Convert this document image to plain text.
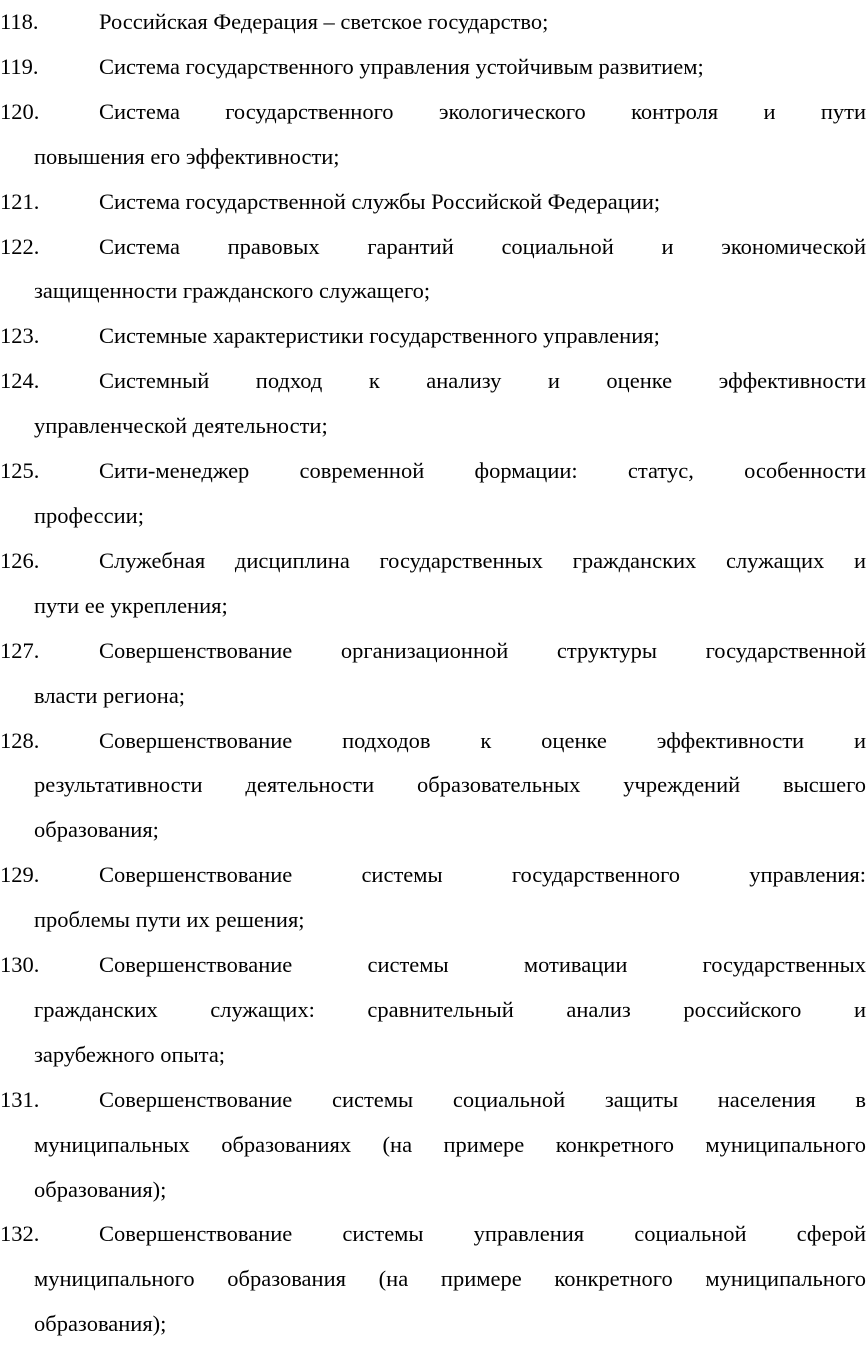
118.	Российская Федерация – светское государство;
119.	Система государственного управления устойчивым развитием;
120.	Система государственного экологического контроля и пути
повышения его эффективности;
121.	Система государственной службы Российской Федерации;
122.	Система правовых гарантий социальной и экономической
защищенности гражданского служащего;
123.	Системные характеристики государственного управления;
124.	Системный подход к анализу и оценке эффективности
управленческой деятельности;
125.	Сити-менеджер современной формации: статус, особенности
профессии;
126.	Служебная дисциплина государственных гражданских служащих и
пути ее укрепления;
127.	Совершенствование организационной структуры государственной
власти региона;
128.	Совершенствование подходов к оценке эффективности и
результативности деятельности образовательных учреждений высшего
образования;
129.	Совершенствование системы государственного управления:
проблемы пути их решения;
130.	Совершенствование системы мотивации государственных
гражданских служащих: сравнительный анализ российского и
зарубежного опыта;
131.	Совершенствование системы социальной защиты населения в
муниципальных образованиях (на примере конкретного муниципального
образования);
132.	Совершенствование системы управления социальной сферой
муниципального образования (на примере конкретного муниципального
образования);
